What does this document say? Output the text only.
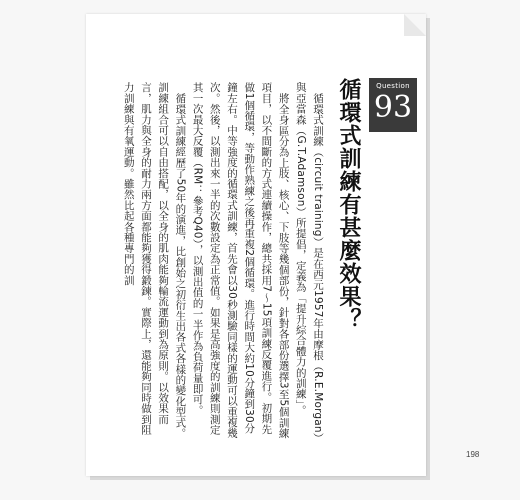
Question
93
循環式訓練有甚麼效果？

循環式訓練（circuit training）是在西元1957年由摩根（R.E.Morgan）與亞當森（G.T.Adamson）所提倡，定義為「提升綜合體力的訓練」。

將全身區分為上肢、核心、下肢等幾個部份，針對各部份選擇3至5個訓練項目，以不間斷的方式連續操作，總共採用7～15項訓練反覆進行。初期先做1個循環，等動作熟練之後再重複2個循環。進行時間大約10分鐘到30分鐘左右。中等強度的循環式訓練，首先會以30秒測驗同樣的運動可以重複幾次。然後，以測出來一半的次數設定為正常值。如果是高強度的訓練則測定其一次最大反覆（RM：參考Q40），以測出值的一半作為負荷量即可。

循環式訓練經歷了50年的演進，比創始之初衍生出各式各樣的變化型式。訓練組合可以自由搭配，以全身的肌肉能夠輪流運動到為原則。以效果而言，肌力與全身的耐力兩方面都能夠獲得鍛鍊。實際上，還能夠同時做到阻力訓練與有氧運動。雖然比起各種專門的訓

198
